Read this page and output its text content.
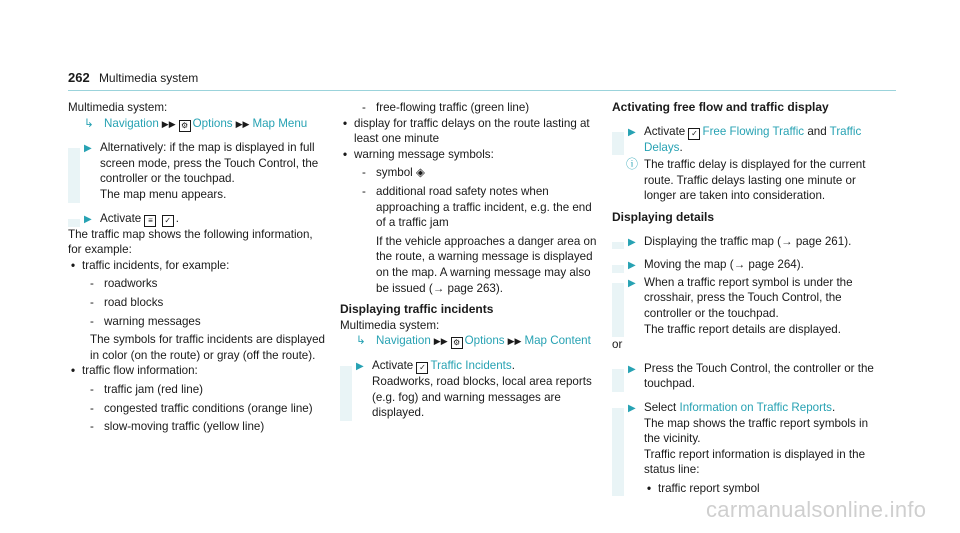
262 Multimedia system

Multimedia system:

↳ Navigation ▶▶ ⚙ Options ▶▶ Map Menu

▶ Alternatively: if the map is displayed in full screen mode, press the Touch Control, the controller or the touchpad.

The map menu appears.

▶ Activate ≡ ✓ .

The traffic map shows the following information, for example:

• traffic incidents, for example:
- roadworks
- road blocks
- warning messages

The symbols for traffic incidents are displayed in color (on the route) or gray (off the route).

• traffic flow information:
- traffic jam (red line)
- congested traffic conditions (orange line)
- slow-moving traffic (yellow line)
- free-flowing traffic (green line)
• display for traffic delays on the route lasting at least one minute
• warning message symbols:
- symbol ◈
- additional road safety notes when approaching a traffic incident, e.g. the end of a traffic jam

If the vehicle approaches a danger area on the route, a warning message is displayed on the map. A warning message may also be issued (→ page 263).

Displaying traffic incidents

Multimedia system:

↳ Navigation ▶▶ ⚙ Options ▶▶ Map Content

▶ Activate ✓ Traffic Incidents.

Roadworks, road blocks, local area reports (e.g. fog) and warning messages are displayed.

Activating free flow and traffic display
▶ Activate ✓ Free Flowing Traffic and Traffic Delays.

ⓘ The traffic delay is displayed for the current route. Traffic delays lasting one minute or longer are taken into consideration.

Displaying details
▶ Displaying the traffic map (→ page 261).

▶ Moving the map (→ page 264).

▶ When a traffic report symbol is under the crosshair, press the Touch Control, the controller or the touchpad.

The traffic report details are displayed.

or

▶ Press the Touch Control, the controller or the touchpad.

▶ Select Information on Traffic Reports.

The map shows the traffic report symbols in the vicinity.

Traffic report information is displayed in the status line:

• traffic report symbol
carmanualsonline.info
